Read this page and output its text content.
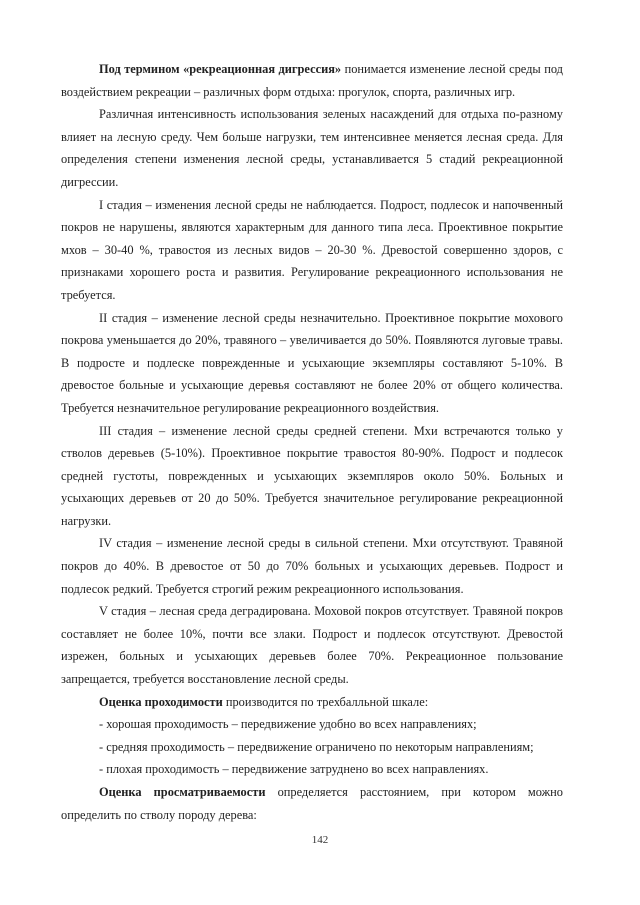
Под термином «рекреационная дигрессия» понимается изменение лесной среды под воздействием рекреации – различных форм отдыха: прогулок, спорта, различных игр.

Различная интенсивность использования зеленых насаждений для отдыха по-разному влияет на лесную среду. Чем больше нагрузки, тем интенсивнее меняется лесная среда. Для определения степени изменения лесной среды, устанавливается 5 стадий рекреационной дигрессии.

I стадия – изменения лесной среды не наблюдается. Подрост, подлесок и напочвенный покров не нарушены, являются характерным для данного типа леса. Проективное покрытие мхов – 30-40 %, травостоя из лесных видов – 20-30 %. Древостой совершенно здоров, с признаками хорошего роста и развития. Регулирование рекреационного использования не требуется.

II стадия – изменение лесной среды незначительно. Проективное покрытие мохового покрова уменьшается до 20%, травяного – увеличивается до 50%. Появляются луговые травы. В подросте и подлеске поврежденные и усыхающие экземпляры составляют 5-10%. В древостое больные и усыхающие деревья составляют не более 20% от общего количества. Требуется незначительное регулирование рекреационного воздействия.

III стадия – изменение лесной среды средней степени. Мхи встречаются только у стволов деревьев (5-10%). Проективное покрытие травостоя 80-90%. Подрост и подлесок средней густоты, поврежденных и усыхающих экземпляров около 50%. Больных и усыхающих деревьев от 20 до 50%. Требуется значительное регулирование рекреационной нагрузки.

IV стадия – изменение лесной среды в сильной степени. Мхи отсутствуют. Травяной покров до 40%. В древостое от 50 до 70% больных и усыхающих деревьев. Подрост и подлесок редкий. Требуется строгий режим рекреационного использования.

V стадия – лесная среда деградирована. Моховой покров отсутствует. Травяной покров составляет не более 10%, почти все злаки. Подрост и подлесок отсутствуют. Древостой изрежен, больных и усыхающих деревьев более 70%. Рекреационное пользование запрещается, требуется восстановление лесной среды.

Оценка проходимости производится по трехбалльной шкале:

- хорошая проходимость – передвижение удобно во всех направлениях;

- средняя проходимость – передвижение ограничено по некоторым направлениям;

- плохая проходимость – передвижение затруднено во всех направлениях.

Оценка просматриваемости определяется расстоянием, при котором можно определить по стволу породу дерева:

142
